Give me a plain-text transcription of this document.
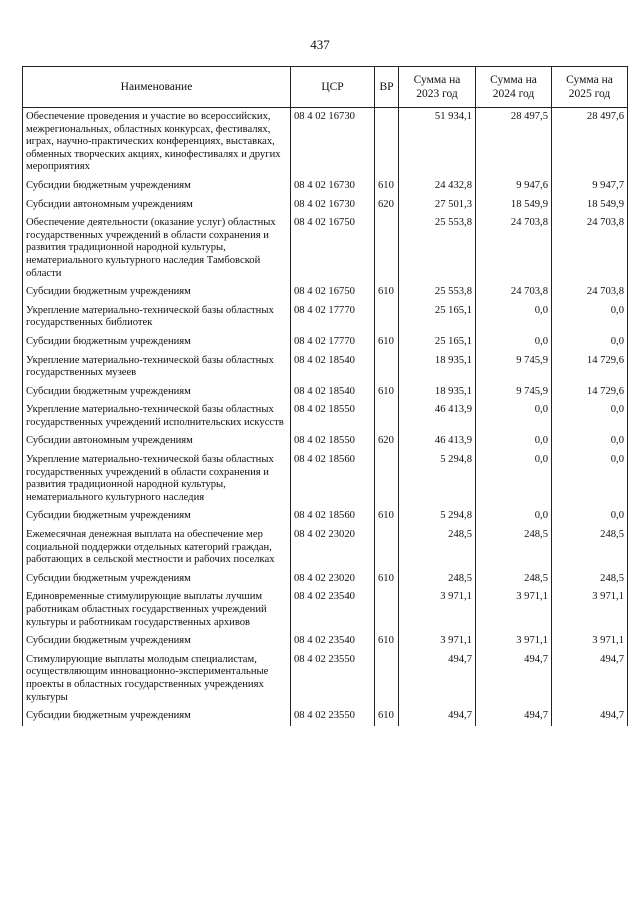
437
Наименование	ЦСР	ВР	Сумма на 2023 год	Сумма на 2024 год	Сумма на 2025 год
Обеспечение проведения и участие во всероссийских, межрегиональных, областных конкурсах, фестивалях, играх, научно-практических конференциях, выставках, обменных творческих акциях, кинофестивалях и других мероприятиях	08 4 02 16730		51 934,1	28 497,5	28 497,6
Субсидии бюджетным учреждениям	08 4 02 16730	610	24 432,8	9 947,6	9 947,7
Субсидии автономным учреждениям	08 4 02 16730	620	27 501,3	18 549,9	18 549,9
Обеспечение деятельности (оказание услуг) областных государственных учреждений в области сохранения и развития традиционной народной культуры, нематериального культурного наследия Тамбовской области	08 4 02 16750		25 553,8	24 703,8	24 703,8
Субсидии бюджетным учреждениям	08 4 02 16750	610	25 553,8	24 703,8	24 703,8
Укрепление материально-технической базы областных государственных библиотек	08 4 02 17770		25 165,1	0,0	0,0
Субсидии бюджетным учреждениям	08 4 02 17770	610	25 165,1	0,0	0,0
Укрепление материально-технической базы областных государственных музеев	08 4 02 18540		18 935,1	9 745,9	14 729,6
Субсидии бюджетным учреждениям	08 4 02 18540	610	18 935,1	9 745,9	14 729,6
Укрепление материально-технической базы областных государственных учреждений исполнительских искусств	08 4 02 18550		46 413,9	0,0	0,0
Субсидии автономным учреждениям	08 4 02 18550	620	46 413,9	0,0	0,0
Укрепление материально-технической базы областных государственных учреждений в области сохранения и развития традиционной народной культуры, нематериального культурного наследия	08 4 02 18560		5 294,8	0,0	0,0
Субсидии бюджетным учреждениям	08 4 02 18560	610	5 294,8	0,0	0,0
Ежемесячная денежная выплата на обеспечение мер социальной поддержки отдельных категорий граждан, работающих в сельской местности и рабочих поселках	08 4 02 23020		248,5	248,5	248,5
Субсидии бюджетным учреждениям	08 4 02 23020	610	248,5	248,5	248,5
Единовременные стимулирующие выплаты лучшим работникам областных государственных учреждений культуры и работникам государственных архивов	08 4 02 23540		3 971,1	3 971,1	3 971,1
Субсидии бюджетным учреждениям	08 4 02 23540	610	3 971,1	3 971,1	3 971,1
Стимулирующие выплаты молодым специалистам, осуществляющим инновационно-экспериментальные проекты в областных государственных учреждениях культуры	08 4 02 23550		494,7	494,7	494,7
Субсидии бюджетным учреждениям	08 4 02 23550	610	494,7	494,7	494,7
